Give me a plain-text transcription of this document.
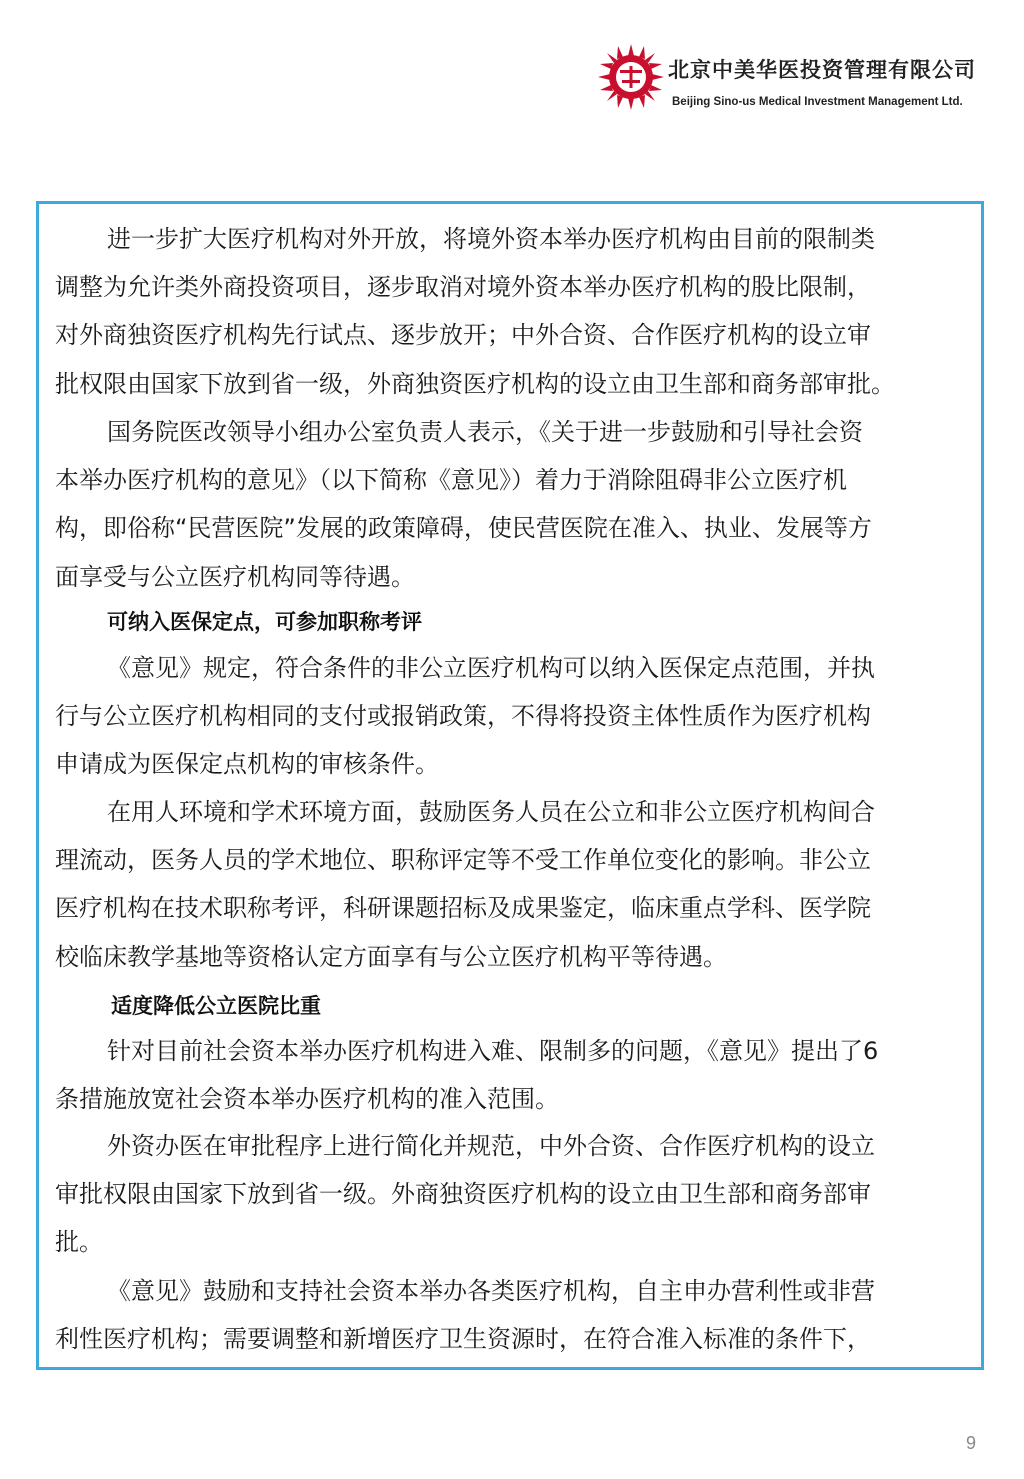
北京中美华医投资管理有限公司
Beijing Sino-us Medical Investment Management Ltd.
进一步扩大医疗机构对外开放，将境外资本举办医疗机构由目前的限制类
调整为允许类外商投资项目，逐步取消对境外资本举办医疗机构的股比限制，
对外商独资医疗机构先行试点、逐步放开；中外合资、合作医疗机构的设立审
批权限由国家下放到省一级，外商独资医疗机构的设立由卫生部和商务部审批。
国务院医改领导小组办公室负责人表示，《关于进一步鼓励和引导社会资
本举办医疗机构的意见》（以下简称《意见》）着力于消除阻碍非公立医疗机
构，即俗称“民营医院”发展的政策障碍，使民营医院在准入、执业、发展等方
面享受与公立医疗机构同等待遇。
可纳入医保定点，可参加职称考评
《意见》规定，符合条件的非公立医疗机构可以纳入医保定点范围，并执
行与公立医疗机构相同的支付或报销政策，不得将投资主体性质作为医疗机构
申请成为医保定点机构的审核条件。
在用人环境和学术环境方面，鼓励医务人员在公立和非公立医疗机构间合
理流动，医务人员的学术地位、职称评定等不受工作单位变化的影响。非公立
医疗机构在技术职称考评，科研课题招标及成果鉴定，临床重点学科、医学院
校临床教学基地等资格认定方面享有与公立医疗机构平等待遇。
适度降低公立医院比重
针对目前社会资本举办医疗机构进入难、限制多的问题，《意见》提出了6
条措施放宽社会资本举办医疗机构的准入范围。
外资办医在审批程序上进行简化并规范，中外合资、合作医疗机构的设立
审批权限由国家下放到省一级。外商独资医疗机构的设立由卫生部和商务部审
批。
《意见》鼓励和支持社会资本举办各类医疗机构，自主申办营利性或非营
利性医疗机构；需要调整和新增医疗卫生资源时，在符合准入标准的条件下，
9
